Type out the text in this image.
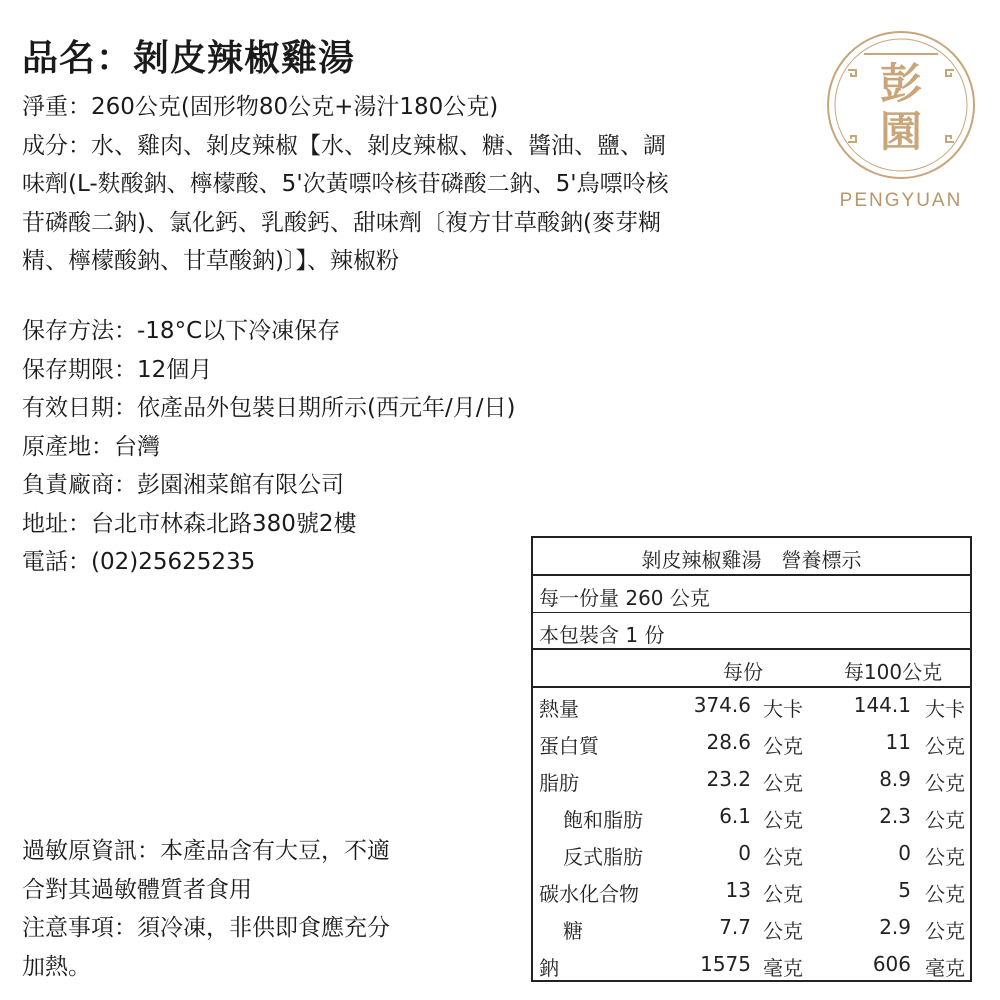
品名：剝皮辣椒雞湯
淨重：260公克(固形物80公克+湯汁180公克)
成分：水、雞肉、剝皮辣椒【水、剝皮辣椒、糖、醬油、鹽、調
味劑(L-麩酸鈉、檸檬酸、5'次黃嘌呤核苷磷酸二鈉、5'鳥嘌呤核
苷磷酸二鈉)、氯化鈣、乳酸鈣、甜味劑〔複方甘草酸鈉(麥芽糊
精、檸檬酸鈉、甘草酸鈉)〕】、辣椒粉
保存方法：-18°C以下冷凍保存
保存期限：12個月
有效日期：依產品外包裝日期所示(西元年/月/日)
原產地：台灣
負責廠商：彭園湘菜館有限公司
地址：台北市林森北路380號2樓
電話：(02)25625235
過敏原資訊：本產品含有大豆，不適
合對其過敏體質者食用
注意事項：須冷凍，非供即食應充分
加熱。
彭
園
PENGYUAN
剝皮辣椒雞湯　營養標示
每一份量 260 公克
本包裝含 1 份
每份	每100公克
熱量	374.6 大卡	144.1 大卡
蛋白質	28.6 公克	11 公克
脂肪	23.2 公克	8.9 公克
飽和脂肪	6.1 公克	2.3 公克
反式脂肪	0 公克	0 公克
碳水化合物	13 公克	5 公克
糖	7.7 公克	2.9 公克
鈉	1575 毫克	606 毫克
